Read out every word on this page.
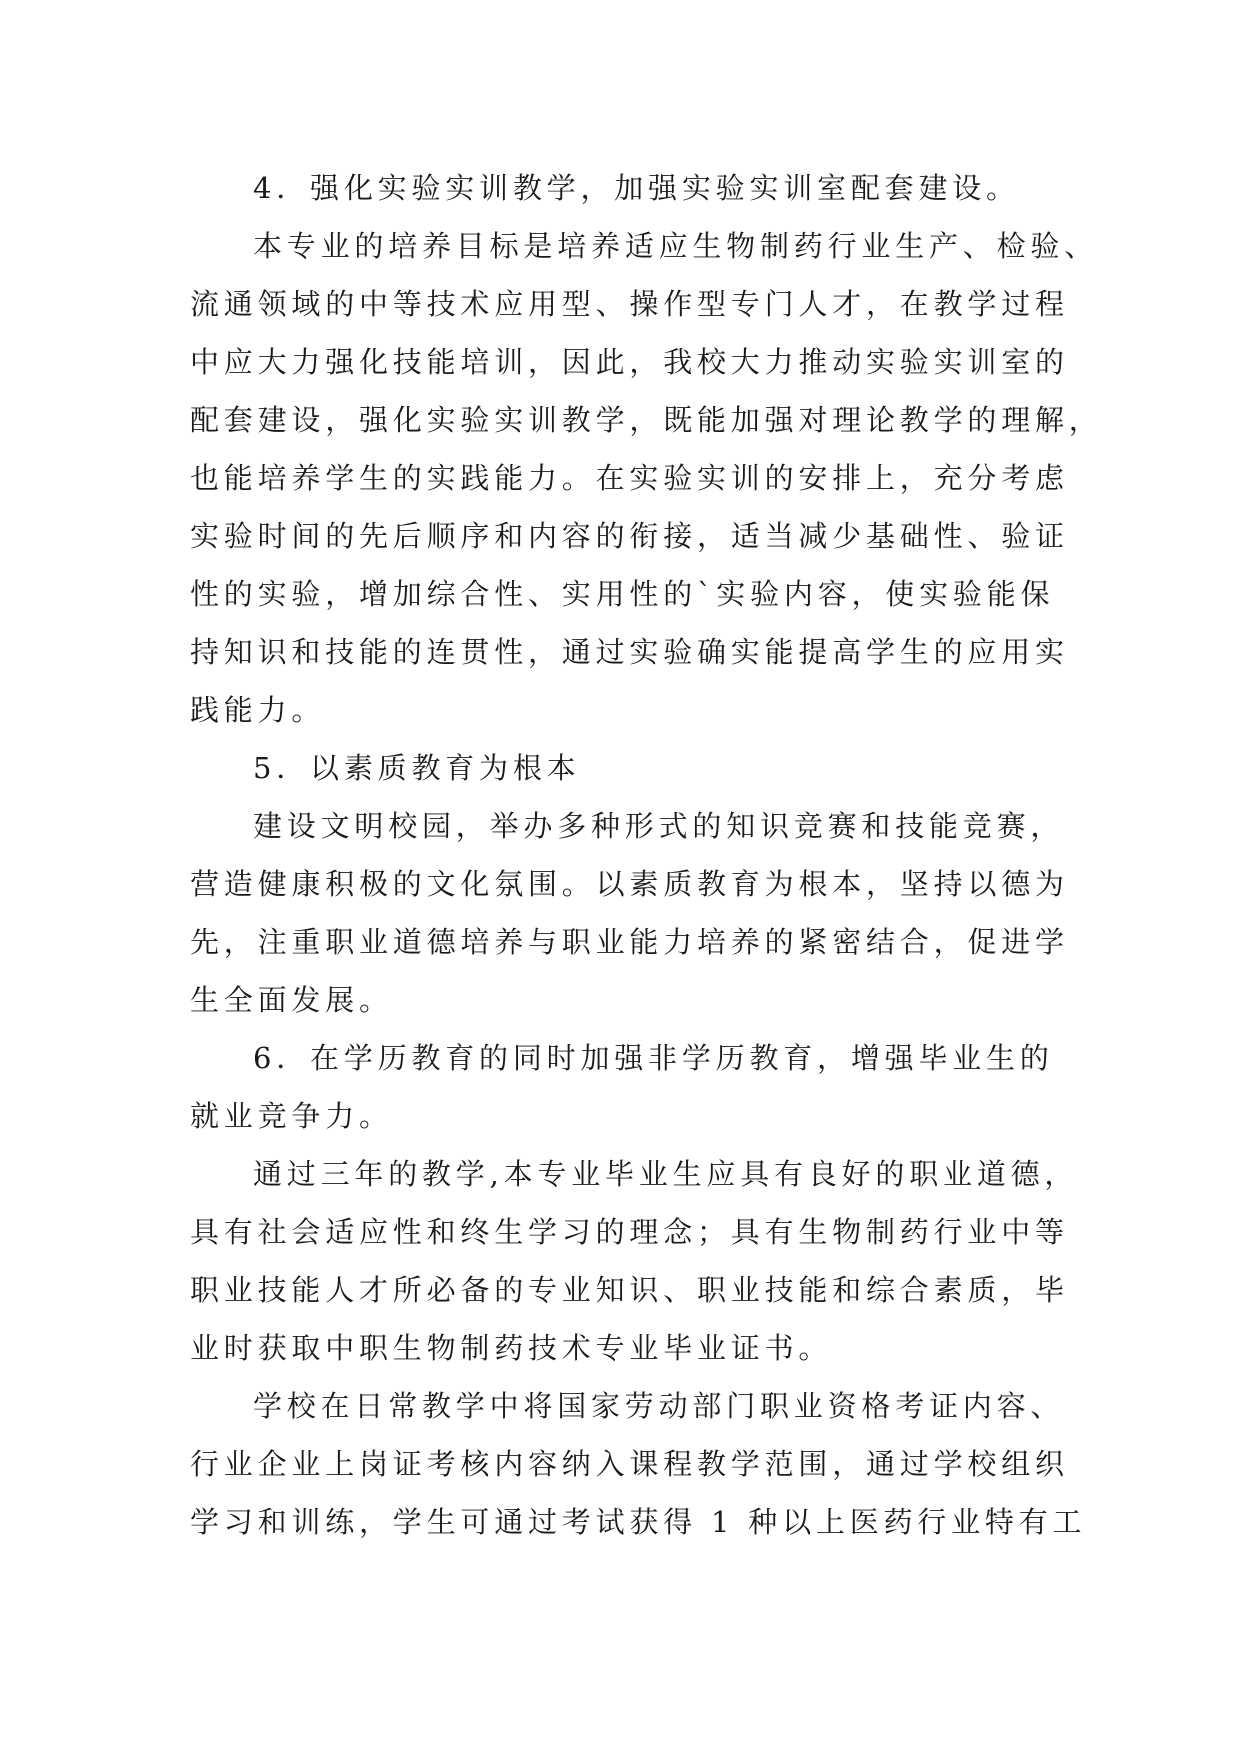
4．强化实验实训教学，加强实验实训室配套建设。
本专业的培养目标是培养适应生物制药行业生产、检验、
流通领域的中等技术应用型、操作型专门人才，在教学过程
中应大力强化技能培训，因此，我校大力推动实验实训室的
配套建设，强化实验实训教学，既能加强对理论教学的理解，
也能培养学生的实践能力。在实验实训的安排上，充分考虑
实验时间的先后顺序和内容的衔接，适当减少基础性、验证
性的实验，增加综合性、实用性的`实验内容，使实验能保
持知识和技能的连贯性，通过实验确实能提高学生的应用实
践能力。
5．以素质教育为根本
建设文明校园，举办多种形式的知识竞赛和技能竞赛，
营造健康积极的文化氛围。以素质教育为根本，坚持以德为
先，注重职业道德培养与职业能力培养的紧密结合，促进学
生全面发展。
6．在学历教育的同时加强非学历教育，增强毕业生的
就业竞争力。
通过三年的教学,本专业毕业生应具有良好的职业道德，
具有社会适应性和终生学习的理念；具有生物制药行业中等
职业技能人才所必备的专业知识、职业技能和综合素质，毕
业时获取中职生物制药技术专业毕业证书。
学校在日常教学中将国家劳动部门职业资格考证内容、
行业企业上岗证考核内容纳入课程教学范围，通过学校组织
学习和训练，学生可通过考试获得 1 种以上医药行业特有工
